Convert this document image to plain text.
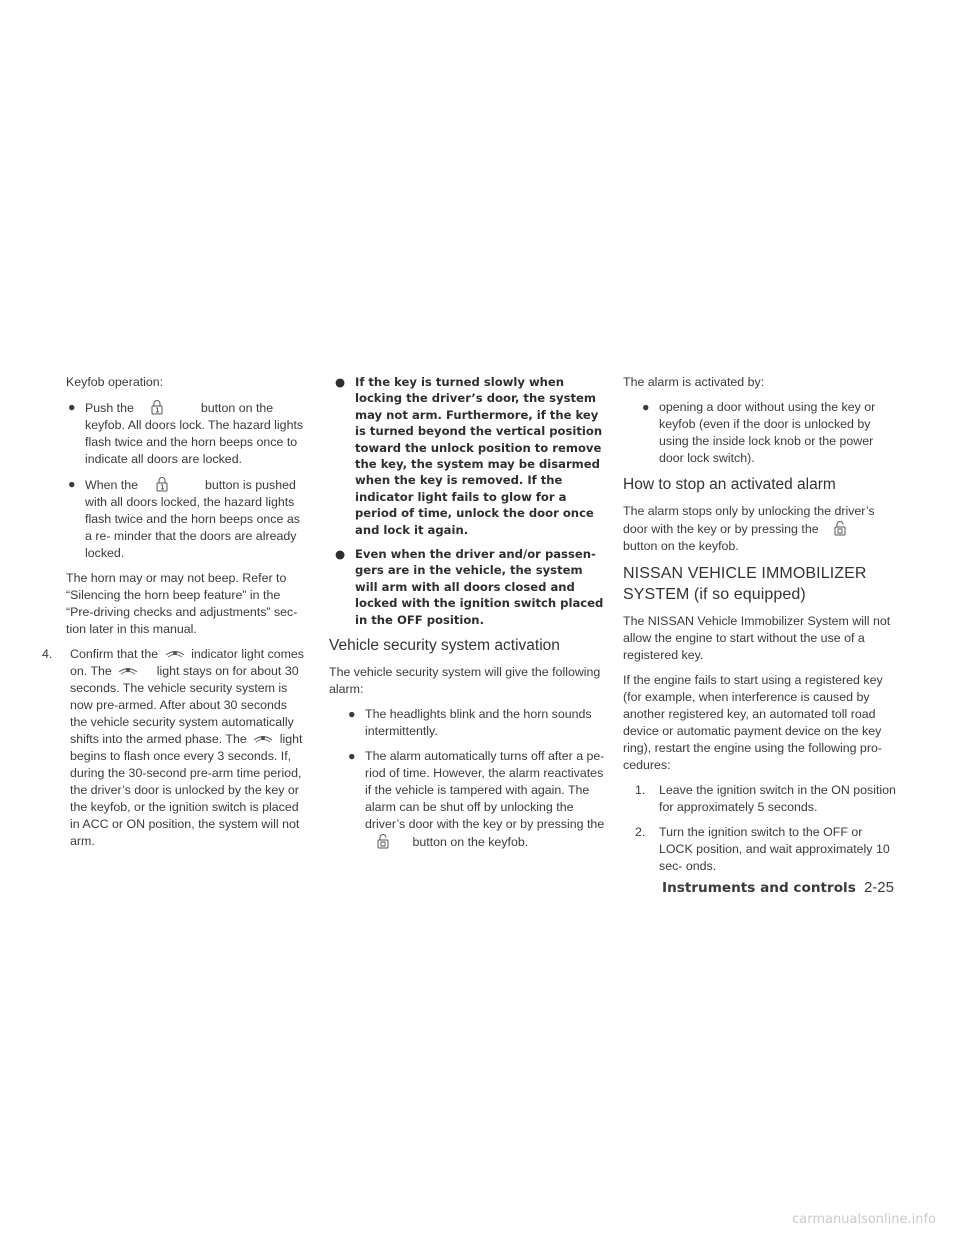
Keyfob operation:

● Push the	button on the keyfob. All doors lock. The hazard lights flash twice and the horn beeps once to indicate all doors are locked.
● When the	button is pushed with all doors locked, the hazard lights flash twice and the horn beeps once as a re- minder that the doors are already locked.

The horn may or may not beep. Refer to “Silencing the horn beep feature” in the “Pre-driving checks and adjustments” sec- tion later in this manual.

4. Confirm that the	indicator light comes on. The	light stays on for about 30 seconds. The vehicle security system is now pre-armed. After about 30 seconds the vehicle security system automatically shifts into the armed phase. The	light begins to flash once every 3 seconds. If, during the 30-second pre-arm time period, the driver’s door is unlocked by the key or the keyfob, or the ignition switch is placed in ACC or ON position, the system will not arm.
● If the key is turned slowly when locking the driver’s door, the system may not arm. Furthermore, if the key is turned beyond the vertical position toward the unlock position to remove the key, the system may be disarmed when the key is removed. If the indicator light fails to glow for a period of time, unlock the door once and lock it again.
● Even when the driver and/or passen- gers are in the vehicle, the system will arm with all doors closed and locked with the ignition switch placed in the OFF position.
Vehicle security system activation

The vehicle security system will give the following alarm:

● The headlights blink and the horn sounds intermittently.
● The alarm automatically turns off after a pe- riod of time. However, the alarm reactivates if the vehicle is tampered with again. The alarm can be shut off by unlocking the driver’s door with the key or by pressing the
button on the keyfob.

The alarm is activated by:

● opening a door without using the key or keyfob (even if the door is unlocked by using the inside lock knob or the power door lock switch).
How to stop an activated alarm

The alarm stops only by unlocking the driver’s door with the key or by pressing the
button on the keyfob.

NISSAN VEHICLE IMMOBILIZER SYSTEM (if so equipped)

The NISSAN Vehicle Immobilizer System will not allow the engine to start without the use of a registered key.

If the engine fails to start using a registered key (for example, when interference is caused by another registered key, an automated toll road device or automatic payment device on the key ring), restart the engine using the following pro- cedures:

1. Leave the ignition switch in the ON position for approximately 5 seconds.
2. Turn the ignition switch to the OFF or LOCK position, and wait approximately 10 sec- onds.
Instruments and controls 2-25
carmanualsonline.info
